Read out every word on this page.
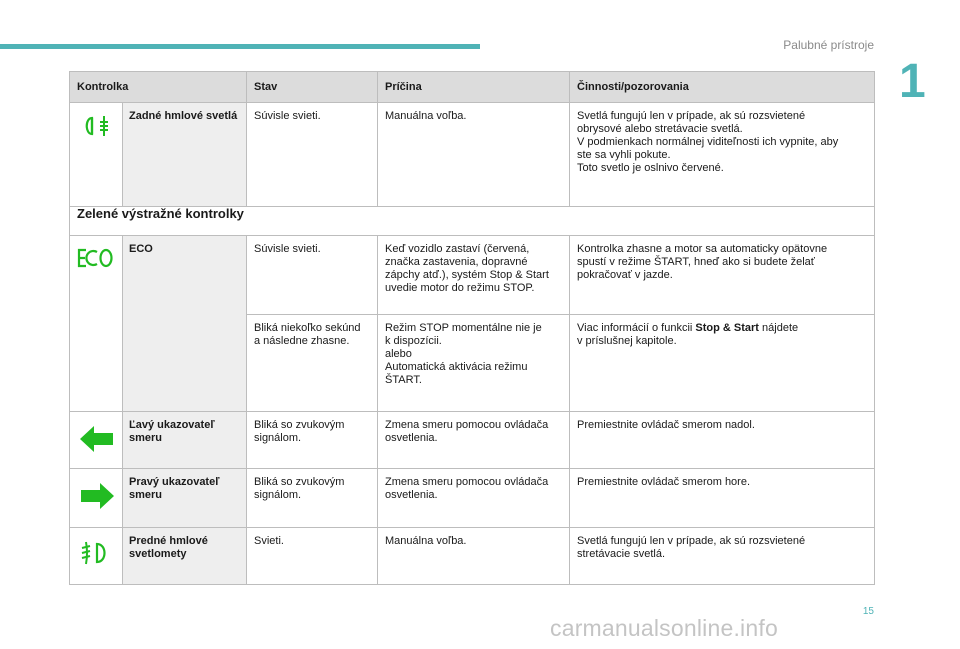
Palubné prístroje
1
Kontrolka		Stav	Príčina	Činnosti/pozorovania

	Zadné hmlové svetlá	Súvisle svieti.	Manuálna voľba.	Svetlá fungujú len v prípade, ak sú rozsvietené
obrysové alebo stretávacie svetlá.
V podmienkach normálnej viditeľnosti ich vypnite, aby
ste sa vyhli pokute.
Toto svetlo je oslnivo červené.

Zelené výstražné kontrolky				

	ECO	Súvisle svieti.	Keď vozidlo zastaví (červená,
značka zastavenia, dopravné
zápchy atď.), systém Stop & Start
uvedie motor do režimu STOP.	Kontrolka zhasne a motor sa automaticky opätovne
spustí v režime ŠTART, hneď ako si budete želať
pokračovať v jazde.

		Bliká niekoľko sekúnd
a následne zhasne.	Režim STOP momentálne nie je
k dispozícii.
alebo
Automatická aktivácia režimu
ŠTART.	Viac informácií o funkcii Stop & Start nájdete
v príslušnej kapitole.

	Ľavý ukazovateľ smeru	Bliká so zvukovým
signálom.	Zmena smeru pomocou ovládača
osvetlenia.	Premiestnite ovládač smerom nadol.

	Pravý ukazovateľ smeru	Bliká so zvukovým
signálom.	Zmena smeru pomocou ovládača
osvetlenia.	Premiestnite ovládač smerom hore.

	Predné hmlové svetlomety	Svieti.	Manuálna voľba.	Svetlá fungujú len v prípade, ak sú rozsvietené
stretávacie svetlá.
15
carmanualsonline.info
